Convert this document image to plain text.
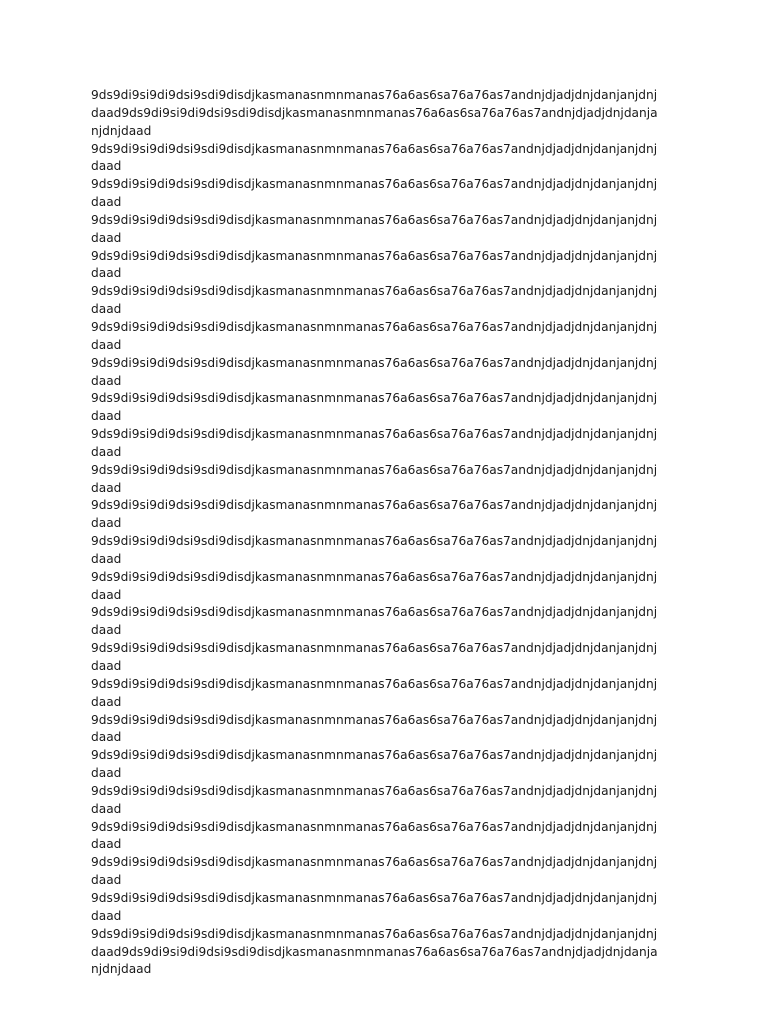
9ds9di9si9di9dsi9sdi9disdjkasmanasnmnmanas76a6as6sa76a76as7andnjdjadjdnjdanjanjdnj
daad9ds9di9si9di9dsi9sdi9disdjkasmanasnmnmanas76a6as6sa76a76as7andnjdjadjdnjdanja
njdnjdaad

9ds9di9si9di9dsi9sdi9disdjkasmanasnmnmanas76a6as6sa76a76as7andnjdjadjdnjdanjanjdnj
daad

9ds9di9si9di9dsi9sdi9disdjkasmanasnmnmanas76a6as6sa76a76as7andnjdjadjdnjdanjanjdnj
daad

9ds9di9si9di9dsi9sdi9disdjkasmanasnmnmanas76a6as6sa76a76as7andnjdjadjdnjdanjanjdnj
daad

9ds9di9si9di9dsi9sdi9disdjkasmanasnmnmanas76a6as6sa76a76as7andnjdjadjdnjdanjanjdnj
daad

9ds9di9si9di9dsi9sdi9disdjkasmanasnmnmanas76a6as6sa76a76as7andnjdjadjdnjdanjanjdnj
daad

9ds9di9si9di9dsi9sdi9disdjkasmanasnmnmanas76a6as6sa76a76as7andnjdjadjdnjdanjanjdnj
daad

9ds9di9si9di9dsi9sdi9disdjkasmanasnmnmanas76a6as6sa76a76as7andnjdjadjdnjdanjanjdnj
daad

9ds9di9si9di9dsi9sdi9disdjkasmanasnmnmanas76a6as6sa76a76as7andnjdjadjdnjdanjanjdnj
daad

9ds9di9si9di9dsi9sdi9disdjkasmanasnmnmanas76a6as6sa76a76as7andnjdjadjdnjdanjanjdnj
daad

9ds9di9si9di9dsi9sdi9disdjkasmanasnmnmanas76a6as6sa76a76as7andnjdjadjdnjdanjanjdnj
daad

9ds9di9si9di9dsi9sdi9disdjkasmanasnmnmanas76a6as6sa76a76as7andnjdjadjdnjdanjanjdnj
daad

9ds9di9si9di9dsi9sdi9disdjkasmanasnmnmanas76a6as6sa76a76as7andnjdjadjdnjdanjanjdnj
daad

9ds9di9si9di9dsi9sdi9disdjkasmanasnmnmanas76a6as6sa76a76as7andnjdjadjdnjdanjanjdnj
daad

9ds9di9si9di9dsi9sdi9disdjkasmanasnmnmanas76a6as6sa76a76as7andnjdjadjdnjdanjanjdnj
daad

9ds9di9si9di9dsi9sdi9disdjkasmanasnmnmanas76a6as6sa76a76as7andnjdjadjdnjdanjanjdnj
daad

9ds9di9si9di9dsi9sdi9disdjkasmanasnmnmanas76a6as6sa76a76as7andnjdjadjdnjdanjanjdnj
daad

9ds9di9si9di9dsi9sdi9disdjkasmanasnmnmanas76a6as6sa76a76as7andnjdjadjdnjdanjanjdnj
daad

9ds9di9si9di9dsi9sdi9disdjkasmanasnmnmanas76a6as6sa76a76as7andnjdjadjdnjdanjanjdnj
daad

9ds9di9si9di9dsi9sdi9disdjkasmanasnmnmanas76a6as6sa76a76as7andnjdjadjdnjdanjanjdnj
daad

9ds9di9si9di9dsi9sdi9disdjkasmanasnmnmanas76a6as6sa76a76as7andnjdjadjdnjdanjanjdnj
daad

9ds9di9si9di9dsi9sdi9disdjkasmanasnmnmanas76a6as6sa76a76as7andnjdjadjdnjdanjanjdnj
daad

9ds9di9si9di9dsi9sdi9disdjkasmanasnmnmanas76a6as6sa76a76as7andnjdjadjdnjdanjanjdnj
daad

9ds9di9si9di9dsi9sdi9disdjkasmanasnmnmanas76a6as6sa76a76as7andnjdjadjdnjdanjanjdnj
daad9ds9di9si9di9dsi9sdi9disdjkasmanasnmnmanas76a6as6sa76a76as7andnjdjadjdnjdanja
njdnjdaad
